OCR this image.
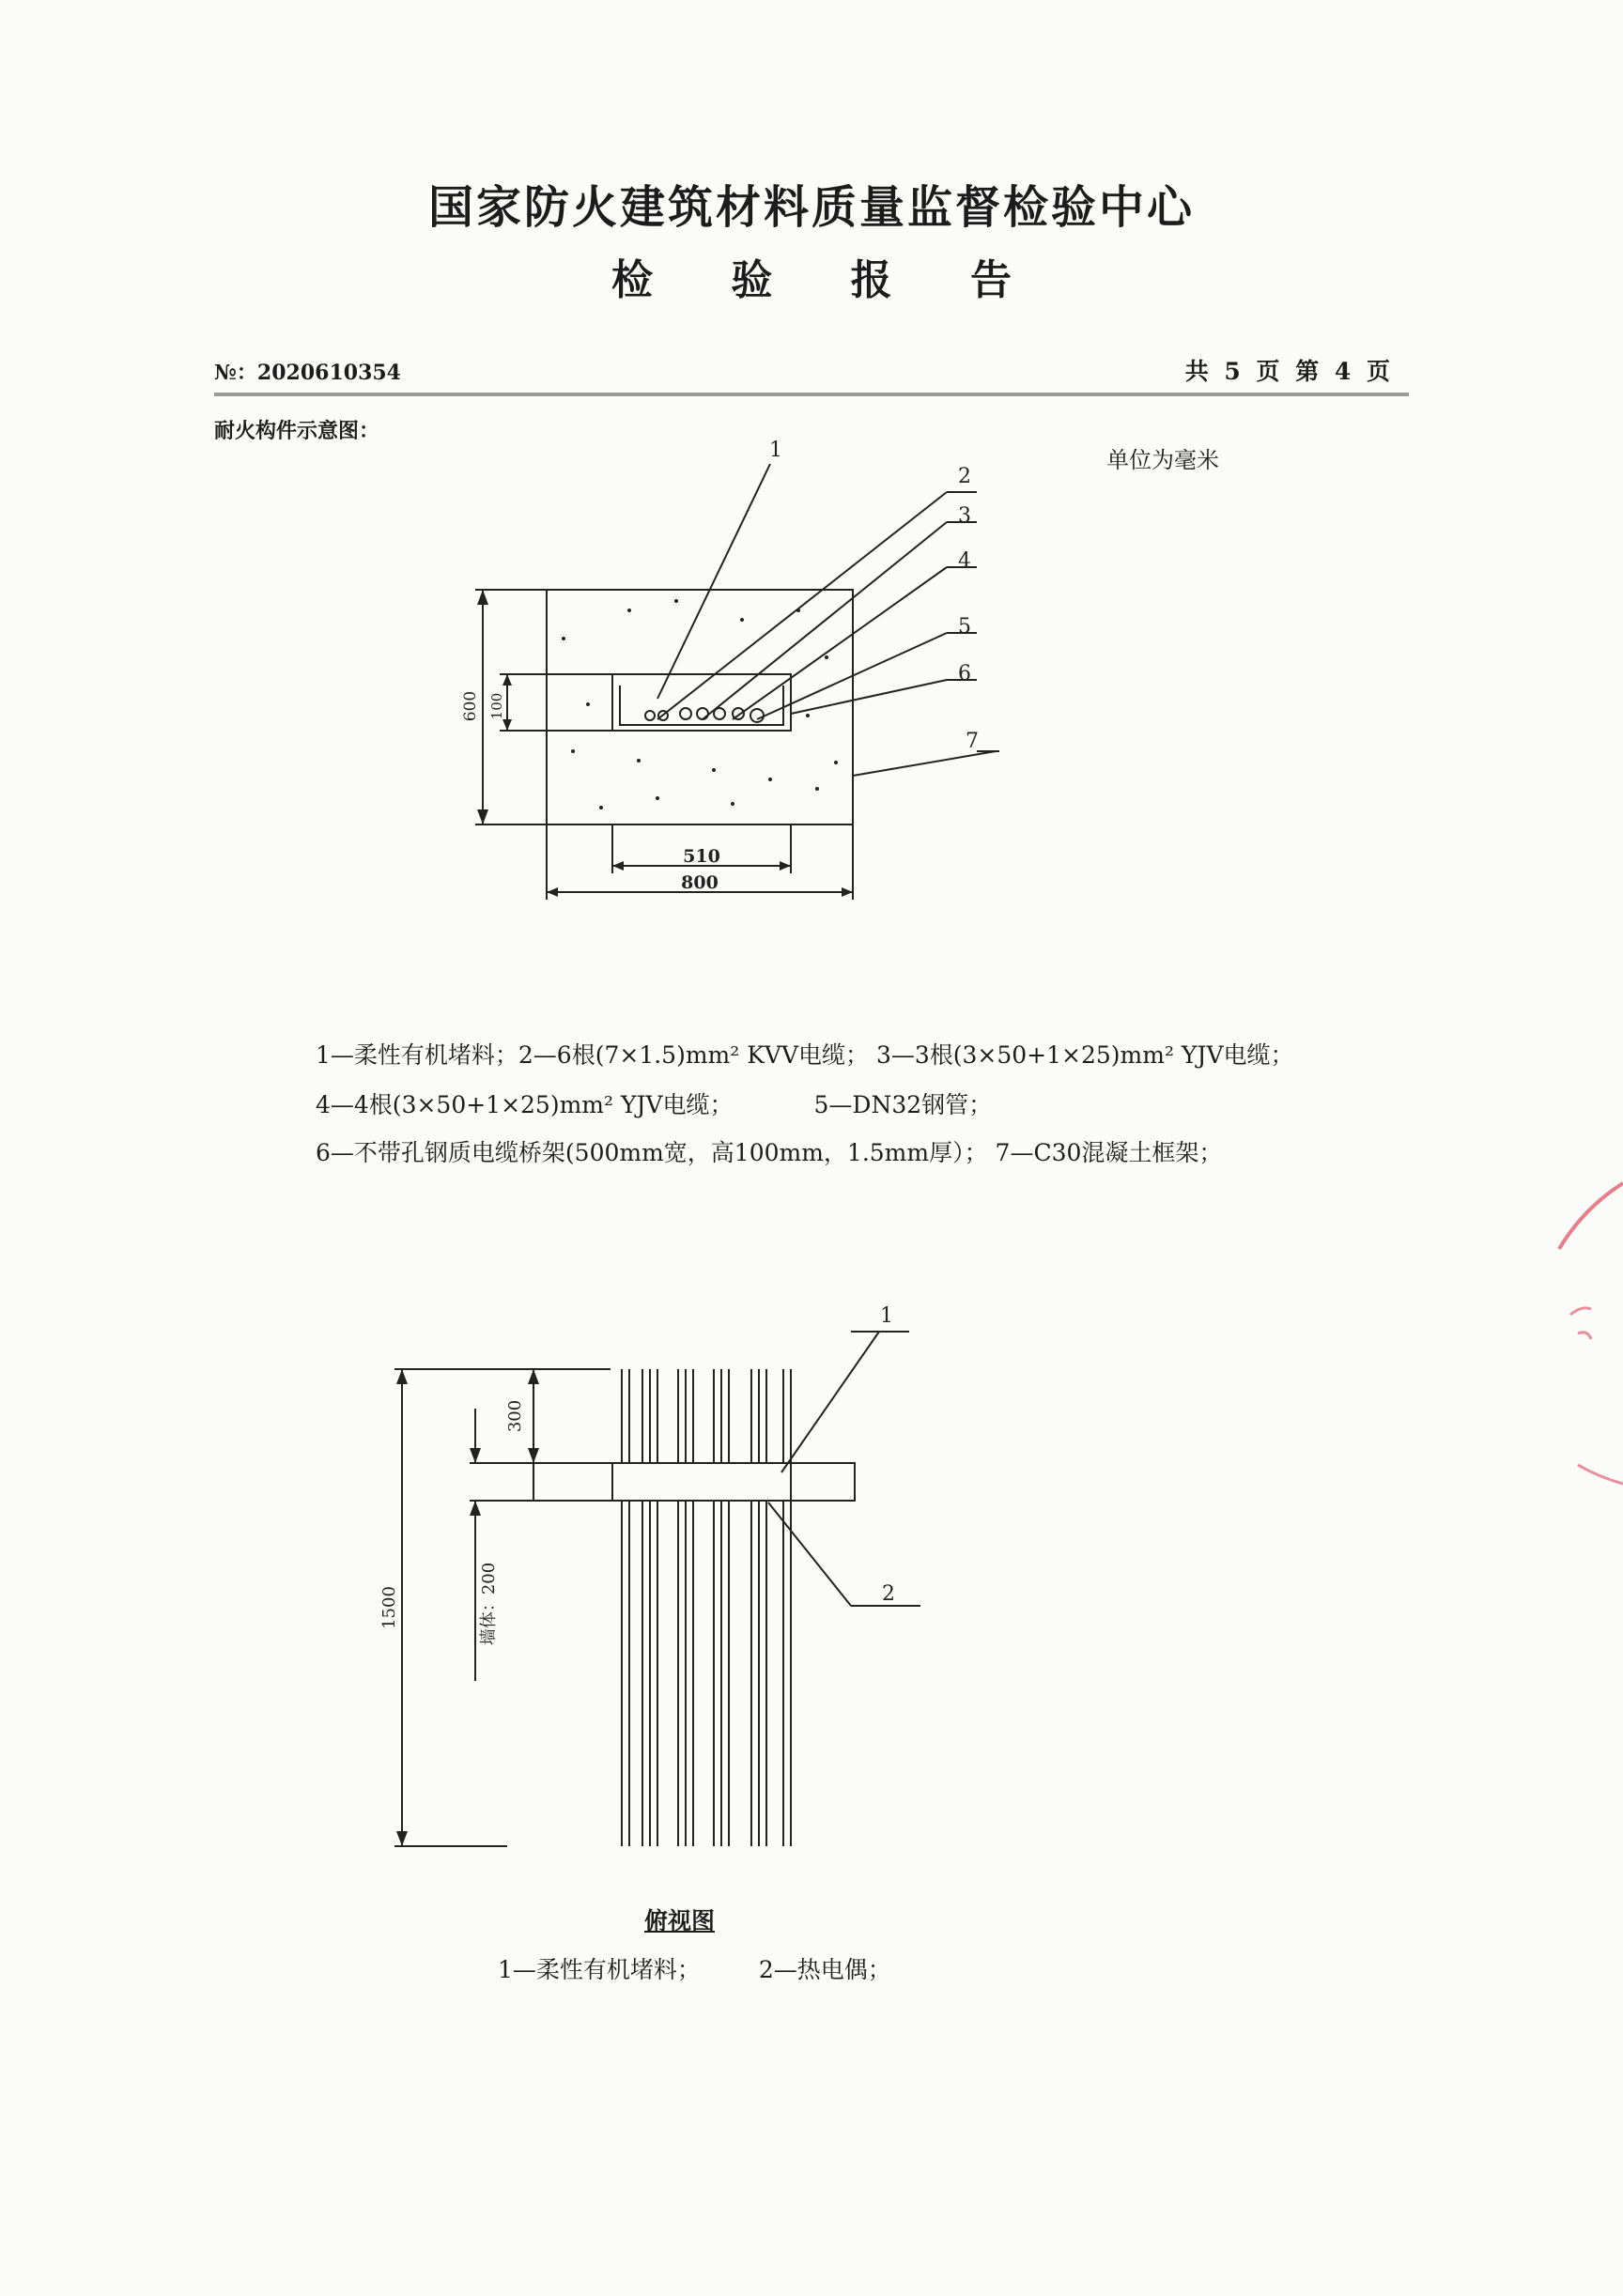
国家防火建筑材料质量监督检验中心
检 验 报 告
№：2020610354	共 5 页 第 4 页
耐火构件示意图：
单位为毫米
1
2
3
4
5
6
7
510
800
600 100
1—柔性有机堵料；2—6根(7×1.5)mm² KVV电缆； 3—3根(3×50+1×25)mm² YJV电缆；
4—4根(3×50+1×25)mm² YJV电缆；	5—DN32钢管；
6—不带孔钢质电缆桥架(500mm宽，高100mm，1.5mm厚）； 7—C30混凝土框架；
1
2
1500
300
墙体：200
俯视图
1—柔性有机堵料； 2—热电偶；
